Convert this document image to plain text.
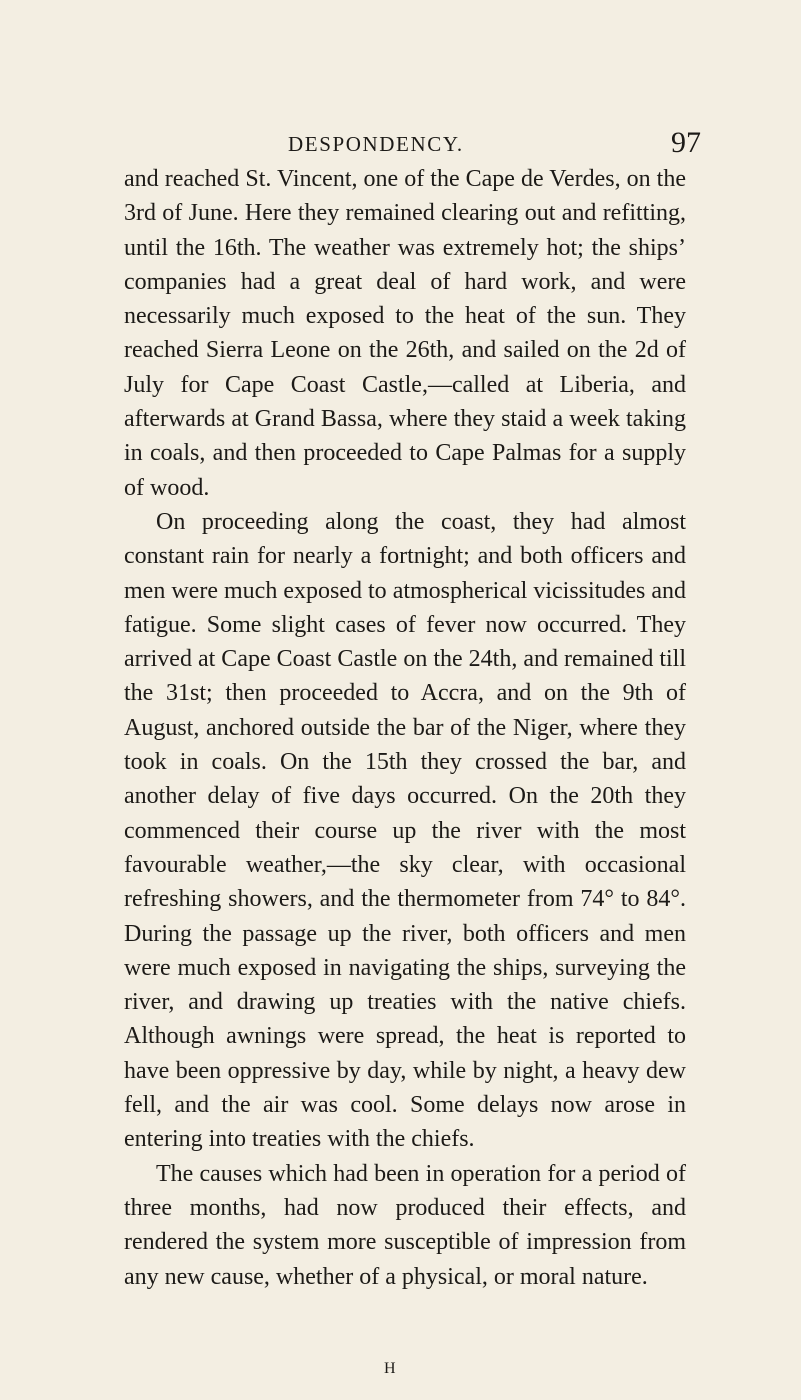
DESPONDENCY.	97

and reached St. Vincent, one of the Cape de Verdes, on the 3rd of June. Here they remained clearing out and refitting, until the 16th. The weather was extremely hot; the ships’ companies had a great deal of hard work, and were necessarily much exposed to the heat of the sun. They reached Sierra Leone on the 26th, and sailed on the 2d of July for Cape Coast Castle,—called at Liberia, and afterwards at Grand Bassa, where they staid a week taking in coals, and then proceeded to Cape Palmas for a supply of wood.

On proceeding along the coast, they had almost constant rain for nearly a fortnight; and both officers and men were much exposed to atmospherical vicissitudes and fatigue. Some slight cases of fever now occurred. They arrived at Cape Coast Castle on the 24th, and remained till the 31st; then proceeded to Accra, and on the 9th of August, anchored outside the bar of the Niger, where they took in coals. On the 15th they crossed the bar, and another delay of five days occurred. On the 20th they commenced their course up the river with the most favourable weather,—the sky clear, with occasional refreshing showers, and the thermometer from 74° to 84°. During the passage up the river, both officers and men were much exposed in navigating the ships, surveying the river, and drawing up treaties with the native chiefs. Although awnings were spread, the heat is reported to have been oppressive by day, while by night, a heavy dew fell, and the air was cool. Some delays now arose in entering into treaties with the chiefs.

The causes which had been in operation for a period of three months, had now produced their effects, and rendered the system more susceptible of impression from any new cause, whether of a physical, or moral nature.

H
